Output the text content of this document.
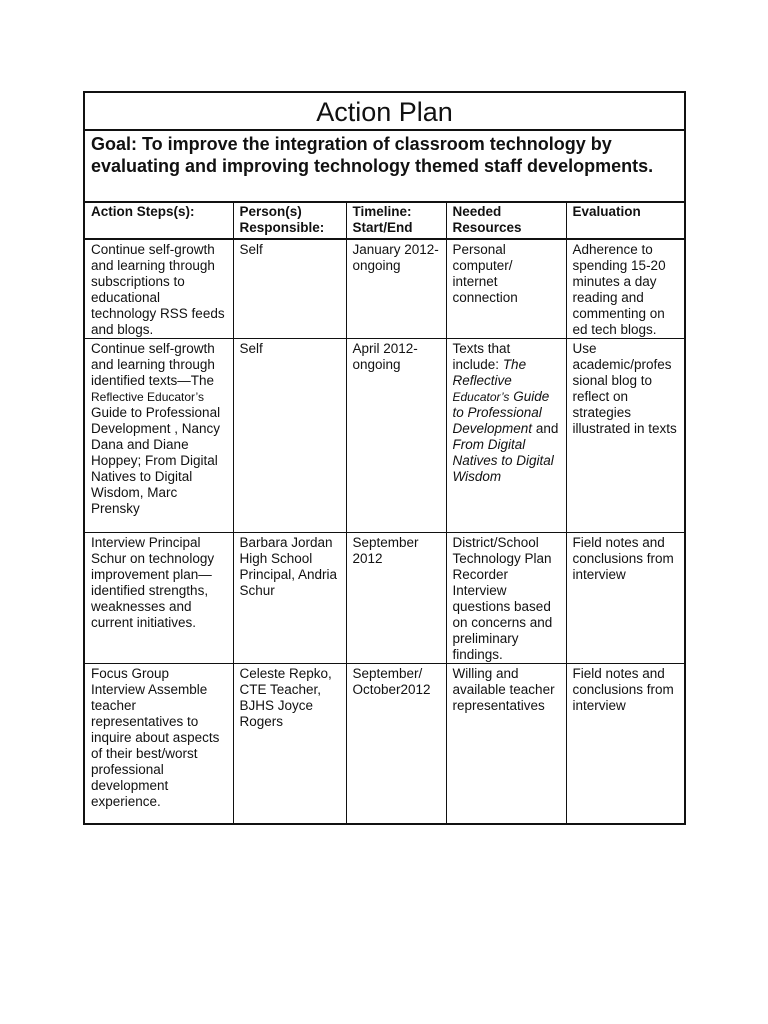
Action Plan
Goal: To improve the integration of classroom technology by evaluating and improving technology themed staff developments.
Action Steps(s):	Person(s) Responsible:	Timeline: Start/End	Needed Resources	Evaluation
Continue self-growth and learning through subscriptions to educational technology RSS feeds and blogs.	Self	January 2012-ongoing	Personal computer/ internet connection	Adherence to spending 15-20 minutes a day reading and commenting on ed tech blogs.
Continue self-growth and learning through identified texts—The Reflective Educator’s Guide to Professional Development , Nancy Dana and Diane Hoppey; From Digital Natives to Digital Wisdom, Marc Prensky	Self	April 2012-ongoing	Texts that include: The Reflective Educator’s Guide to Professional Development and From Digital Natives to Digital Wisdom	Use academic/profes sional blog to reflect on strategies illustrated in texts
Interview Principal Schur on technology improvement plan—identified strengths, weaknesses and current initiatives.	Barbara Jordan High School Principal, Andria Schur	September 2012	District/School Technology Plan Recorder Interview questions based on concerns and preliminary findings.	Field notes and conclusions from interview
Focus Group Interview Assemble teacher representatives to inquire about aspects of their best/worst professional development experience.	Celeste Repko, CTE Teacher, BJHS Joyce Rogers	September/ October2012	Willing and available teacher representatives	Field notes and conclusions from interview
